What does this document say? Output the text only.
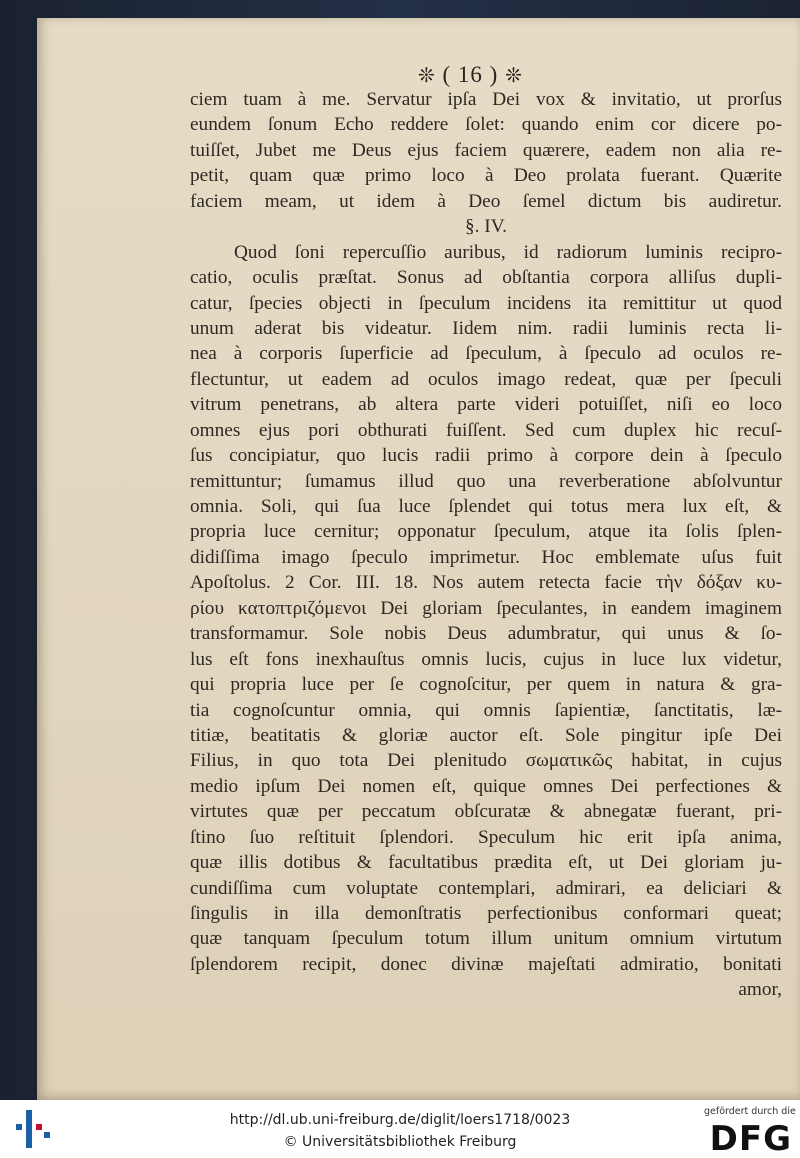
❊ ( 16 ) ❊
ciem tuam à me. Servatur ipſa Dei vox & invitatio, ut prorſus
eundem ſonum Echo reddere ſolet: quando enim cor dicere po-
tuiſſet, Jubet me Deus ejus faciem quærere, eadem non alia re-
petit, quam quæ primo loco à Deo prolata fuerant. Quærite
faciem meam, ut idem à Deo ſemel dictum bis audiretur.
§. IV.
Quod ſoni repercuſſio auribus, id radiorum luminis recipro-
catio, oculis præſtat. Sonus ad obſtantia corpora alliſus dupli-
catur, ſpecies objecti in ſpeculum incidens ita remittitur ut quod
unum aderat bis videatur. Iidem nim. radii luminis recta li-
nea à corporis ſuperficie ad ſpeculum, à ſpeculo ad oculos re-
flectuntur, ut eadem ad oculos imago redeat, quæ per ſpeculi
vitrum penetrans, ab altera parte videri potuiſſet, niſi eo loco
omnes ejus pori obthurati fuiſſent. Sed cum duplex hic recuſ-
ſus concipiatur, quo lucis radii primo à corpore dein à ſpeculo
remittuntur; ſumamus illud quo una reverberatione abſolvuntur
omnia. Soli, qui ſua luce ſplendet qui totus mera lux eſt, &
propria luce cernitur; opponatur ſpeculum, atque ita ſolis ſplen-
didiſſima imago ſpeculo imprimetur. Hoc emblemate uſus fuit
Apoſtolus. 2 Cor. III. 18. Nos autem retecta facie τὴν δόξαν κυ-
ρίου κατοπτριζόμενοι Dei gloriam ſpeculantes, in eandem imaginem
transformamur. Sole nobis Deus adumbratur, qui unus & ſo-
lus eſt fons inexhauſtus omnis lucis, cujus in luce lux videtur,
qui propria luce per ſe cognoſcitur, per quem in natura & gra-
tia cognoſcuntur omnia, qui omnis ſapientiæ, ſanctitatis, læ-
titiæ, beatitatis & gloriæ auctor eſt. Sole pingitur ipſe Dei
Filius, in quo tota Dei plenitudo σωματικῶς habitat, in cujus
medio ipſum Dei nomen eſt, quique omnes Dei perfectiones &
virtutes quæ per peccatum obſcuratæ & abnegatæ fuerant, pri-
ſtino ſuo reſtituit ſplendori. Speculum hic erit ipſa anima,
quæ illis dotibus & facultatibus prædita eſt, ut Dei gloriam ju-
cundiſſima cum voluptate contemplari, admirari, ea deliciari &
ſingulis in illa demonſtratis perfectionibus conformari queat;
quæ tanquam ſpeculum totum illum unitum omnium virtutum
ſplendorem recipit, donec divinæ majeſtati admiratio, bonitati
amor,
http://dl.ub.uni-freiburg.de/diglit/loers1718/0023
© Universitätsbibliothek Freiburg
gefördert durch die
DFG
